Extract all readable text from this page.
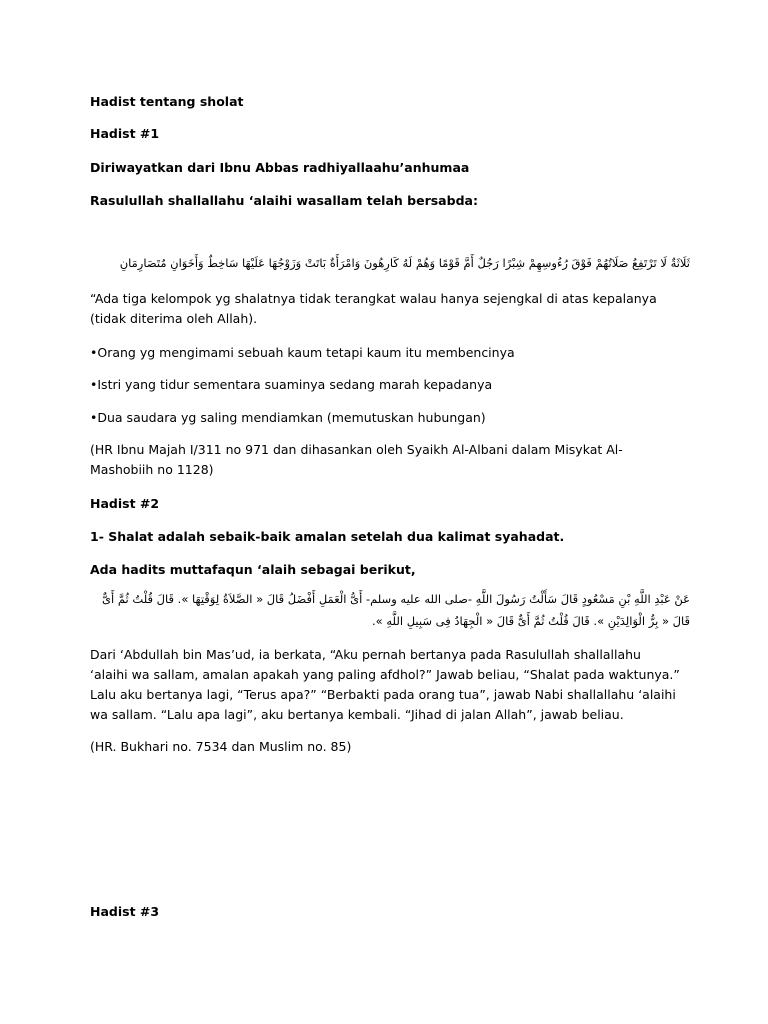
Hadist tentang sholat

Hadist #1

Diriwayatkan dari Ibnu Abbas radhiyallaahu’anhumaa

Rasulullah shallallahu ‘alaihi wasallam telah bersabda:

ثَلَاثَةٌ لَا تَرْتَفِعُ صَلَاتُهُمْ فَوْقَ رُءُوسِهِمْ شِبْرًا رَجُلٌ أَمَّ قَوْمًا وَهُمْ لَهُ كَارِهُونَ وَامْرَأَةٌ بَاتَتْ وَزَوْجُهَا عَلَيْهَا سَاخِطٌ وَأَخَوَانِ مُتَصَارِمَانِ

“Ada tiga kelompok yg shalatnya tidak terangkat walau hanya sejengkal di atas kepalanya (tidak diterima oleh Allah).

•Orang yg mengimami sebuah kaum tetapi kaum itu membencinya

•Istri yang tidur sementara suaminya sedang marah kepadanya

•Dua saudara yg saling mendiamkan (memutuskan hubungan)

(HR Ibnu Majah I/311 no 971 dan dihasankan oleh Syaikh Al-Albani dalam Misykat Al-Mashobiih no 1128)

Hadist #2

1- Shalat adalah sebaik-baik amalan setelah dua kalimat syahadat.

Ada hadits muttafaqun ‘alaih sebagai berikut,

عَنْ عَبْدِ اللَّهِ بْنِ مَسْعُودٍ قَالَ سَأَلْتُ رَسُولَ اللَّهِ -صلى الله عليه وسلم- أَىُّ الْعَمَلِ أَفْضَلُ قَالَ « الصَّلاَةُ لِوَقْتِهَا ». قَالَ قُلْتُ ثُمَّ أَىٌّ قَالَ « بِرُّ الْوَالِدَيْنِ ». قَالَ قُلْتُ ثُمَّ أَىٌّ قَالَ « الْجِهَادُ فِى سَبِيلِ اللَّهِ ».

Dari ‘Abdullah bin Mas’ud, ia berkata, “Aku pernah bertanya pada Rasulullah shallallahu ‘alaihi wa sallam, amalan apakah yang paling afdhol?” Jawab beliau, “Shalat pada waktunya.” Lalu aku bertanya lagi, “Terus apa?” “Berbakti pada orang tua”, jawab Nabi shallallahu ‘alaihi wa sallam. “Lalu apa lagi”, aku bertanya kembali. “Jihad di jalan Allah”, jawab beliau.

(HR. Bukhari no. 7534 dan Muslim no. 85)

Hadist #3
